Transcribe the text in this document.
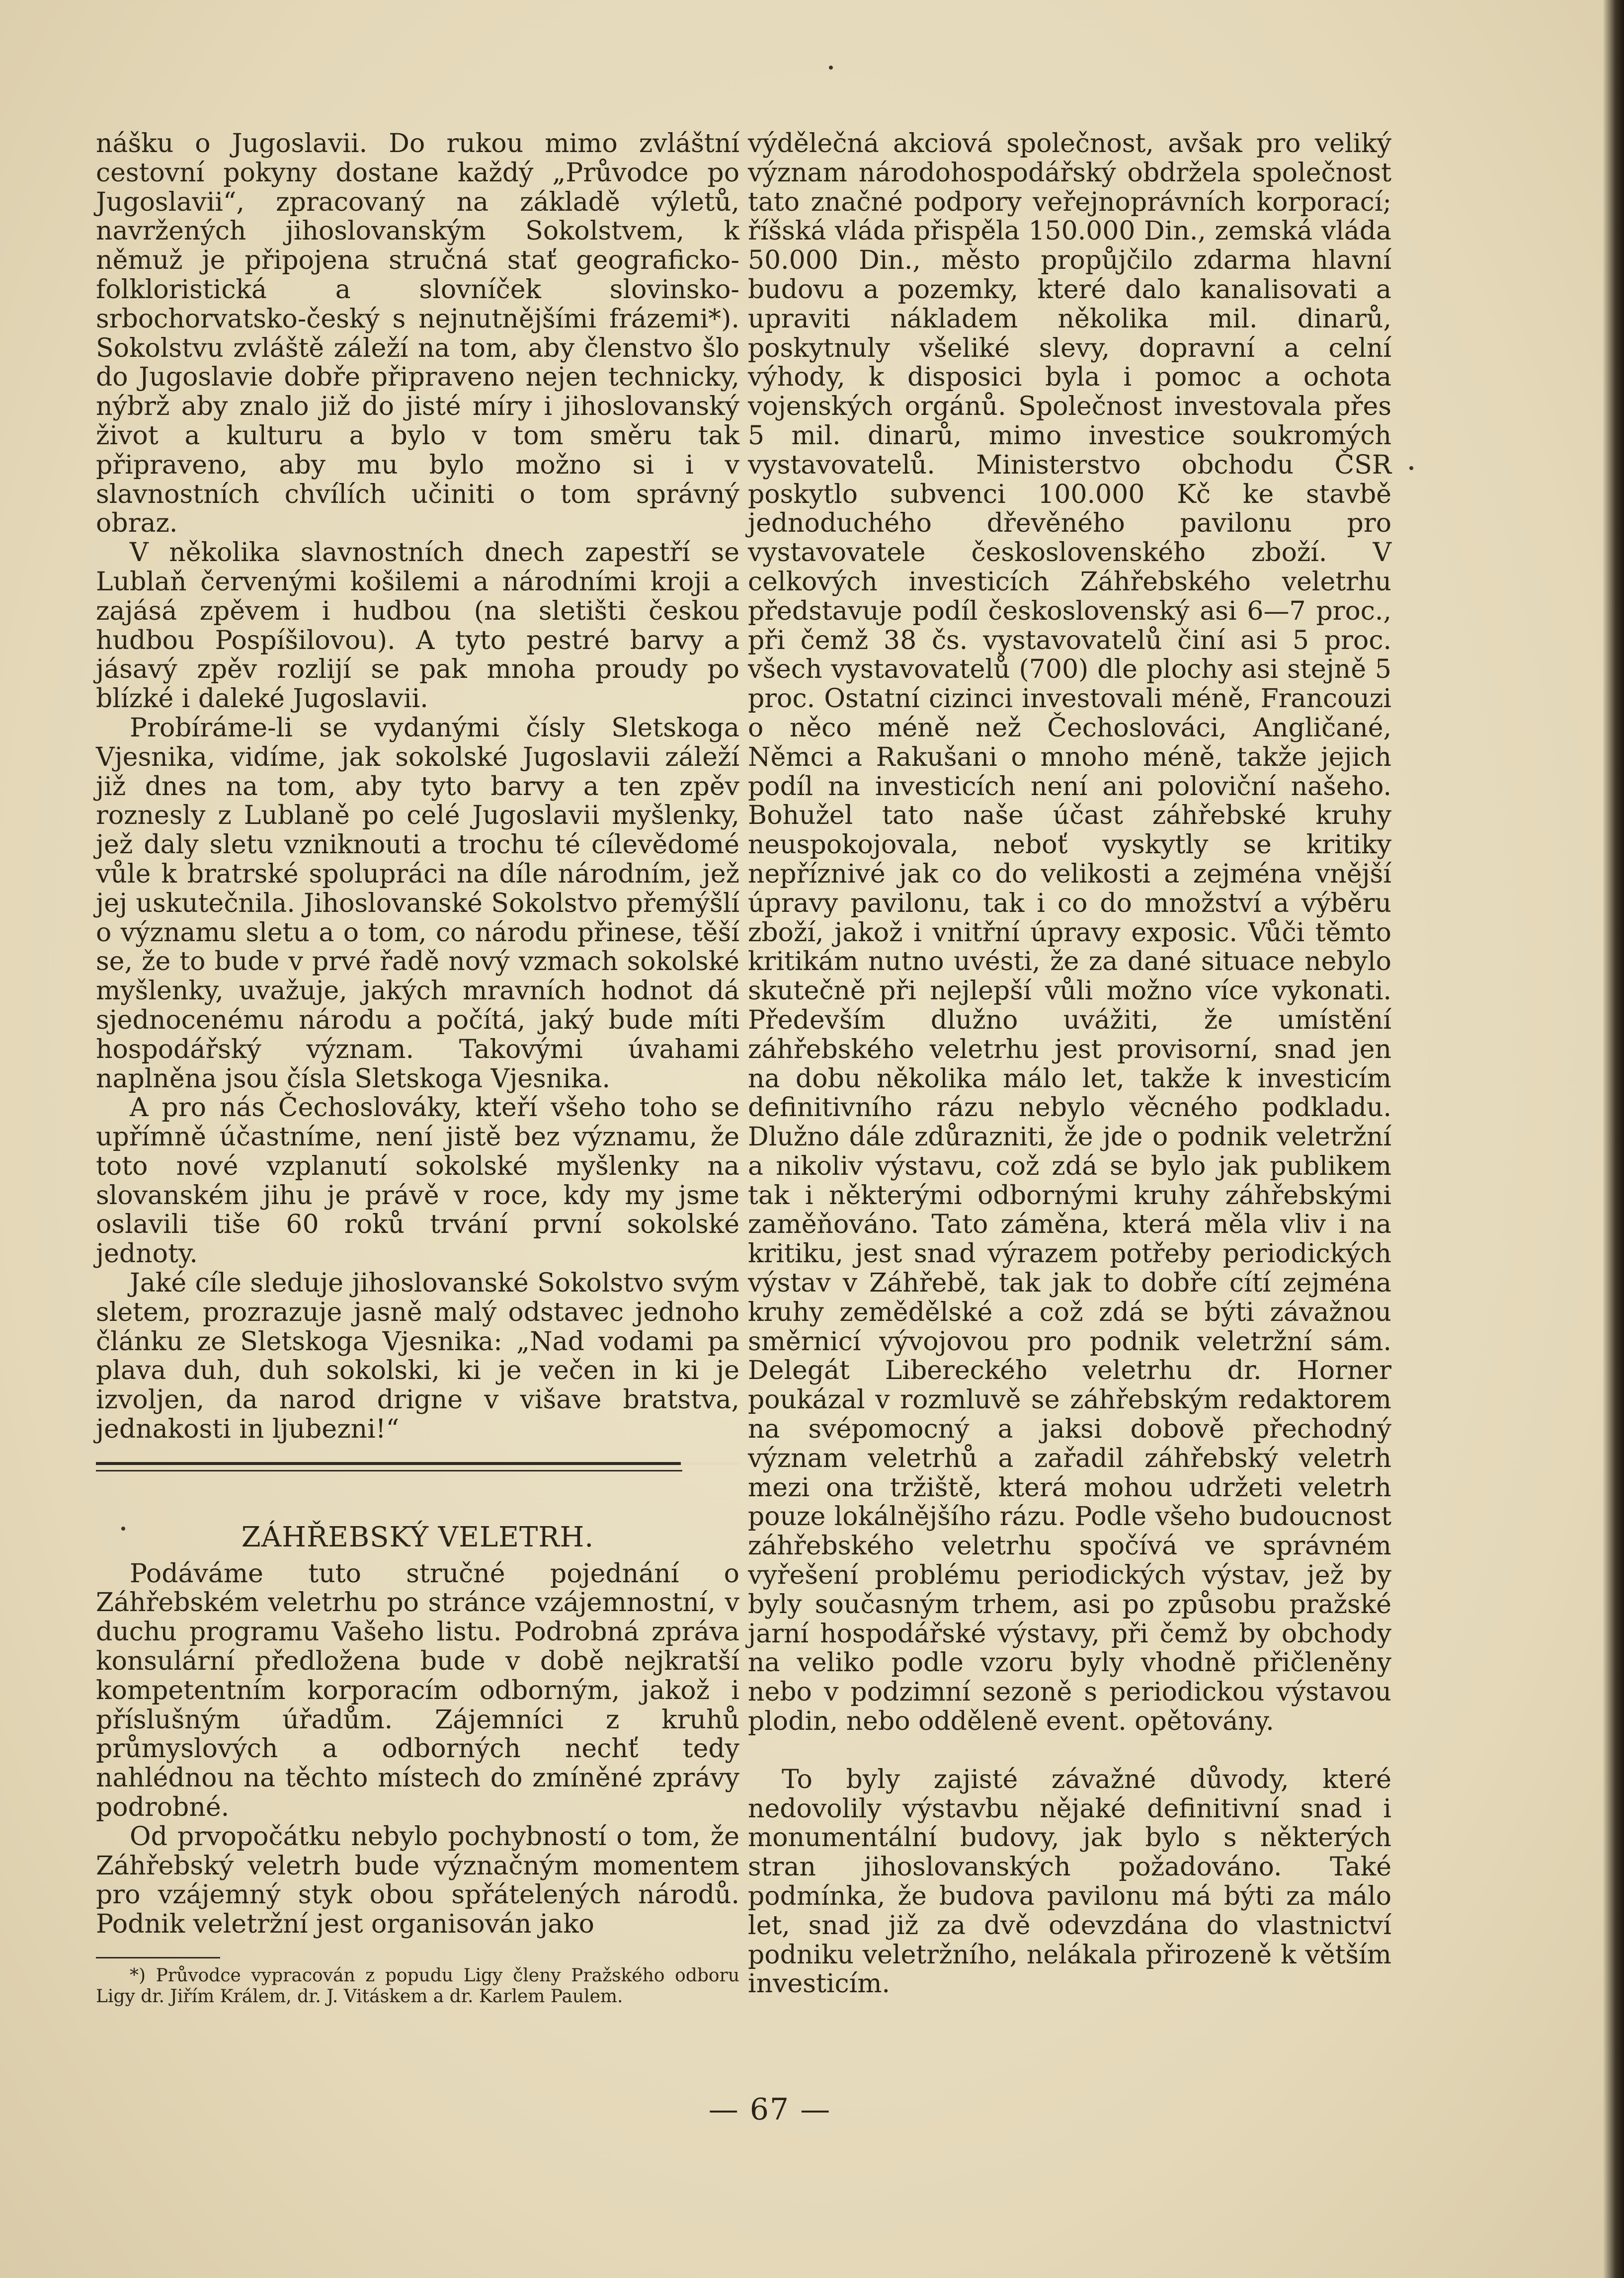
nášku o Jugoslavii. Do rukou mimo zvláštní cestovní pokyny dostane každý „Průvodce po Jugoslavii“, zpracovaný na základě výletů, navržených jihoslovanským Sokolstvem, k němuž je připojena stručná stať geograficko-folkloristická a slovníček slovinsko-srbochorvatsko-český s nejnutnějšími frázemi*). Sokolstvu zvláště záleží na tom, aby členstvo šlo do Jugoslavie dobře připraveno nejen technicky, nýbrž aby znalo již do jisté míry i jihoslovanský život a kulturu a bylo v tom směru tak připraveno, aby mu bylo možno si i v slavnostních chvílích učiniti o tom správný obraz.

V několika slavnostních dnech zapestří se Lublaň červenými košilemi a národními kroji a zajásá zpěvem i hudbou (na sletišti českou hudbou Pospíšilovou). A tyto pestré barvy a jásavý zpěv rozlijí se pak mnoha proudy po blízké i daleké Jugoslavii.

Probíráme-li se vydanými čísly Sletskoga Vjesnika, vidíme, jak sokolské Jugoslavii záleží již dnes na tom, aby tyto barvy a ten zpěv roznesly z Lublaně po celé Jugoslavii myšlenky, jež daly sletu vzniknouti a trochu té cílevědomé vůle k bratrské spolupráci na díle národním, jež jej uskutečnila. Jihoslovanské Sokolstvo přemýšlí o významu sletu a o tom, co národu přinese, těší se, že to bude v prvé řadě nový vzmach sokolské myšlenky, uvažuje, jakých mravních hodnot dá sjednocenému národu a počítá, jaký bude míti hospodářský význam. Takovými úvahami naplněna jsou čísla Sletskoga Vjesnika.

A pro nás Čechoslováky, kteří všeho toho se upřímně účastníme, není jistě bez významu, že toto nové vzplanutí sokolské myšlenky na slovanském jihu je právě v roce, kdy my jsme oslavili tiše 60 roků trvání první sokolské jednoty.

Jaké cíle sleduje jihoslovanské Sokolstvo svým sletem, prozrazuje jasně malý odstavec jednoho článku ze Sletskoga Vjesnika: „Nad vodami pa plava duh, duh sokolski, ki je večen in ki je izvoljen, da narod drigne v višave bratstva, jednakosti in ljubezni!“

ZÁHŘEBSKÝ VELETRH.

Podáváme tuto stručné pojednání o Záhřebském veletrhu po stránce vzájemnostní, v duchu programu Vašeho listu. Podrobná zpráva konsulární předložena bude v době nejkratší kompetentním korporacím odborným, jakož i příslušným úřadům. Zájemníci z kruhů průmyslových a odborných nechť tedy nahlédnou na těchto místech do zmíněné zprávy podrobné.

Od prvopočátku nebylo pochybností o tom, že Záhřebský veletrh bude význačným momentem pro vzájemný styk obou spřátelených národů. Podnik veletržní jest organisován jako

*) Průvodce vypracován z popudu Ligy členy Pražského odboru Ligy dr. Jiřím Králem, dr. J. Vitáskem a dr. Karlem Paulem.

výdělečná akciová společnost, avšak pro veliký význam národohospodářský obdržela společnost tato značné podpory veřejnoprávních korporací; říšská vláda přispěla 150.000 Din., zemská vláda 50.000 Din., město propůjčilo zdarma hlavní budovu a pozemky, které dalo kanalisovati a upraviti nákladem několika mil. dinarů, poskytnuly všeliké slevy, dopravní a celní výhody, k disposici byla i pomoc a ochota vojenských orgánů. Společnost investovala přes 5 mil. dinarů, mimo investice soukromých vystavovatelů. Ministerstvo obchodu ČSR poskytlo subvenci 100.000 Kč ke stavbě jednoduchého dřevěného pavilonu pro vystavovatele československého zboží. V celkových investicích Záhřebského veletrhu představuje podíl československý asi 6—7 proc., při čemž 38 čs. vystavovatelů činí asi 5 proc. všech vystavovatelů (700) dle plochy asi stejně 5 proc. Ostatní cizinci investovali méně, Francouzi o něco méně než Čechoslováci, Angličané, Němci a Rakušani o mnoho méně, takže jejich podíl na investicích není ani poloviční našeho. Bohužel tato naše účast záhřebské kruhy neuspokojovala, neboť vyskytly se kritiky nepříznivé jak co do velikosti a zejména vnější úpravy pavilonu, tak i co do množství a výběru zboží, jakož i vnitřní úpravy exposic. Vůči těmto kritikám nutno uvésti, že za dané situace nebylo skutečně při nejlepší vůli možno více vykonati. Především dlužno uvážiti, že umístění záhřebského veletrhu jest provisorní, snad jen na dobu několika málo let, takže k investicím definitivního rázu nebylo věcného podkladu. Dlužno dále zdůrazniti, že jde o podnik veletržní a nikoliv výstavu, což zdá se bylo jak publikem tak i některými odbornými kruhy záhřebskými zaměňováno. Tato záměna, která měla vliv i na kritiku, jest snad výrazem potřeby periodických výstav v Záhřebě, tak jak to dobře cítí zejména kruhy zemědělské a což zdá se býti závažnou směrnicí vývojovou pro podnik veletržní sám. Delegát Libereckého veletrhu dr. Horner poukázal v rozmluvě se záhřebským redaktorem na svépomocný a jaksi dobově přechodný význam veletrhů a zařadil záhřebský veletrh mezi ona tržiště, která mohou udržeti veletrh pouze lokálnějšího rázu. Podle všeho budoucnost záhřebského veletrhu spočívá ve správném vyřešení problému periodických výstav, jež by byly současným trhem, asi po způsobu pražské jarní hospodářské výstavy, při čemž by obchody na veliko podle vzoru byly vhodně přičleněny nebo v podzimní sezoně s periodickou výstavou plodin, nebo odděleně event. opětovány.

To byly zajisté závažné důvody, které nedovolily výstavbu nějaké definitivní snad i monumentální budovy, jak bylo s některých stran jihoslovanských požadováno. Také podmínka, že budova pavilonu má býti za málo let, snad již za dvě odevzdána do vlastnictví podniku veletržního, nelákala přirozeně k větším investicím.

— 67 —
